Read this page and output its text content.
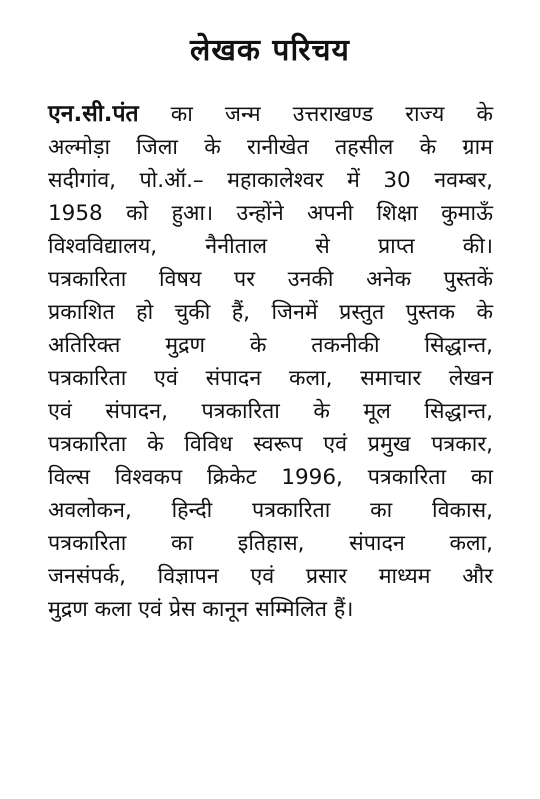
लेखक परिचय
एन.सी.पंत का जन्म उत्तराखण्ड राज्य के
अल्मोड़ा जिला के रानीखेत तहसील के ग्राम
सदीगांव, पो.ऑ.– महाकालेश्वर में 30 नवम्बर,
1958 को हुआ। उन्होंने अपनी शिक्षा कुमाऊँ
विश्वविद्यालय, नैनीताल से प्राप्त की।
पत्रकारिता विषय पर उनकी अनेक पुस्तकें
प्रकाशित हो चुकी हैं, जिनमें प्रस्तुत पुस्तक के
अतिरिक्त मुद्रण के तकनीकी सिद्धान्त,
पत्रकारिता एवं संपादन कला, समाचार लेखन
एवं संपादन, पत्रकारिता के मूल सिद्धान्त,
पत्रकारिता के विविध स्वरूप एवं प्रमुख पत्रकार,
विल्स विश्वकप क्रिकेट 1996, पत्रकारिता का
अवलोकन, हिन्दी पत्रकारिता का विकास,
पत्रकारिता का इतिहास, संपादन कला,
जनसंपर्क, विज्ञापन एवं प्रसार माध्यम और
मुद्रण कला एवं प्रेस कानून सम्मिलित हैं।
